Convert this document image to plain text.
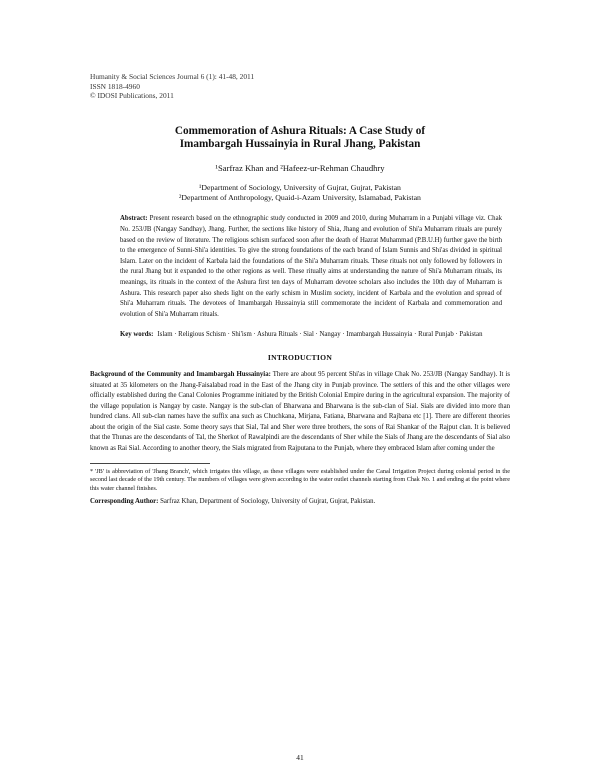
Humanity & Social Sciences Journal 6 (1): 41-48, 2011
ISSN 1818-4960
© IDOSI Publications, 2011
Commemoration of Ashura Rituals: A Case Study of
Imambargah Hussainyia in Rural Jhang, Pakistan
¹Sarfraz Khan and ²Hafeez-ur-Rehman Chaudhry
¹Department of Sociology, University of Gujrat, Gujrat, Pakistan
²Department of Anthropology, Quaid-i-Azam University, Islamabad, Pakistan
Abstract: Present research based on the ethnographic study conducted in 2009 and 2010, during Muharram in a Punjabi village viz. Chak No. 253/JB (Nangay Sandhay), Jhang. Further, the sections like history of Shia, Jhang and evolution of Shi'a Muharram rituals are purely based on the review of literature. The religious schism surfaced soon after the death of Hazrat Muhammad (P.B.U.H) further gave the birth to the emergence of Sunni-Shi'a identities. To give the strong foundations of the each brand of Islam Sunnis and Shi'as divided in spiritual Islam. Later on the incident of Karbala laid the foundations of the Shi'a Muharram rituals. These rituals not only followed by followers in the rural Jhang but it expanded to the other regions as well. These ritually aims at understanding the nature of Shi'a Muharram rituals, its meanings, its rituals in the context of the Ashura first ten days of Muharram devotee scholars also includes the 10th day of Muharram is Ashura. This research paper also sheds light on the early schism in Muslim society, incident of Karbala and the evolution and spread of Shi'a Muharram rituals. The devotees of Imambargah Hussainyia still commemorate the incident of Karbala and commemoration and evolution of Shi'a Muharram rituals.
Key words: Islam · Religious Schism · Shi'ism · Ashura Rituals · Sial · Nangay · Imambargah Hussainyia · Rural Punjab · Pakistan
INTRODUCTION
Background of the Community and Imambargah Hussainyia: There are about 95 percent Shi'as in village Chak No. 253/JB (Nangay Sandhay). It is situated at 35 kilometers on the Jhang-Faisalabad road in the East of the Jhang city in Punjab province. The settlers of this and the other villages were officially established during the Canal Colonies Programme initiated by the British Colonial Empire during in the agricultural expansion. The majority of the village population is Nangay by caste. Nangay is the sub-clan of Bharwana and Bharwana is the sub-clan of Sial. Sials are divided into more than hundred clans. All sub-clan names have the suffix ana such as Chuchkana, Mirjana, Fatiana, Bharwana and Rajbana etc [1]. There are different theories about the origin of the Sial caste. Some theory says that Sial, Tal and Sher were three brothers, the sons of Rai Shankar of the Rajput clan. It is believed that the Thunas are the descendants of Tal, the Sherkot of Rawalpindi are the descendants of Sher while the Sials of Jhang are the descendants of Sial also known as Rai Sial. According to another theory, the Sials migrated from Rajputana to the Punjab, where they embraced Islam after coming under the
* 'JB' is abbreviation of 'Jhang Branch', which irrigates this village, as these villages were established under the Canal Irrigation Project during colonial period in the second last decade of the 19th century. The numbers of villages were given according to the water outlet channels starting from Chak No. 1 and ending at the point where this water channel finishes.
Corresponding Author: Sarfraz Khan, Department of Sociology, University of Gujrat, Gujrat, Pakistan.
41
